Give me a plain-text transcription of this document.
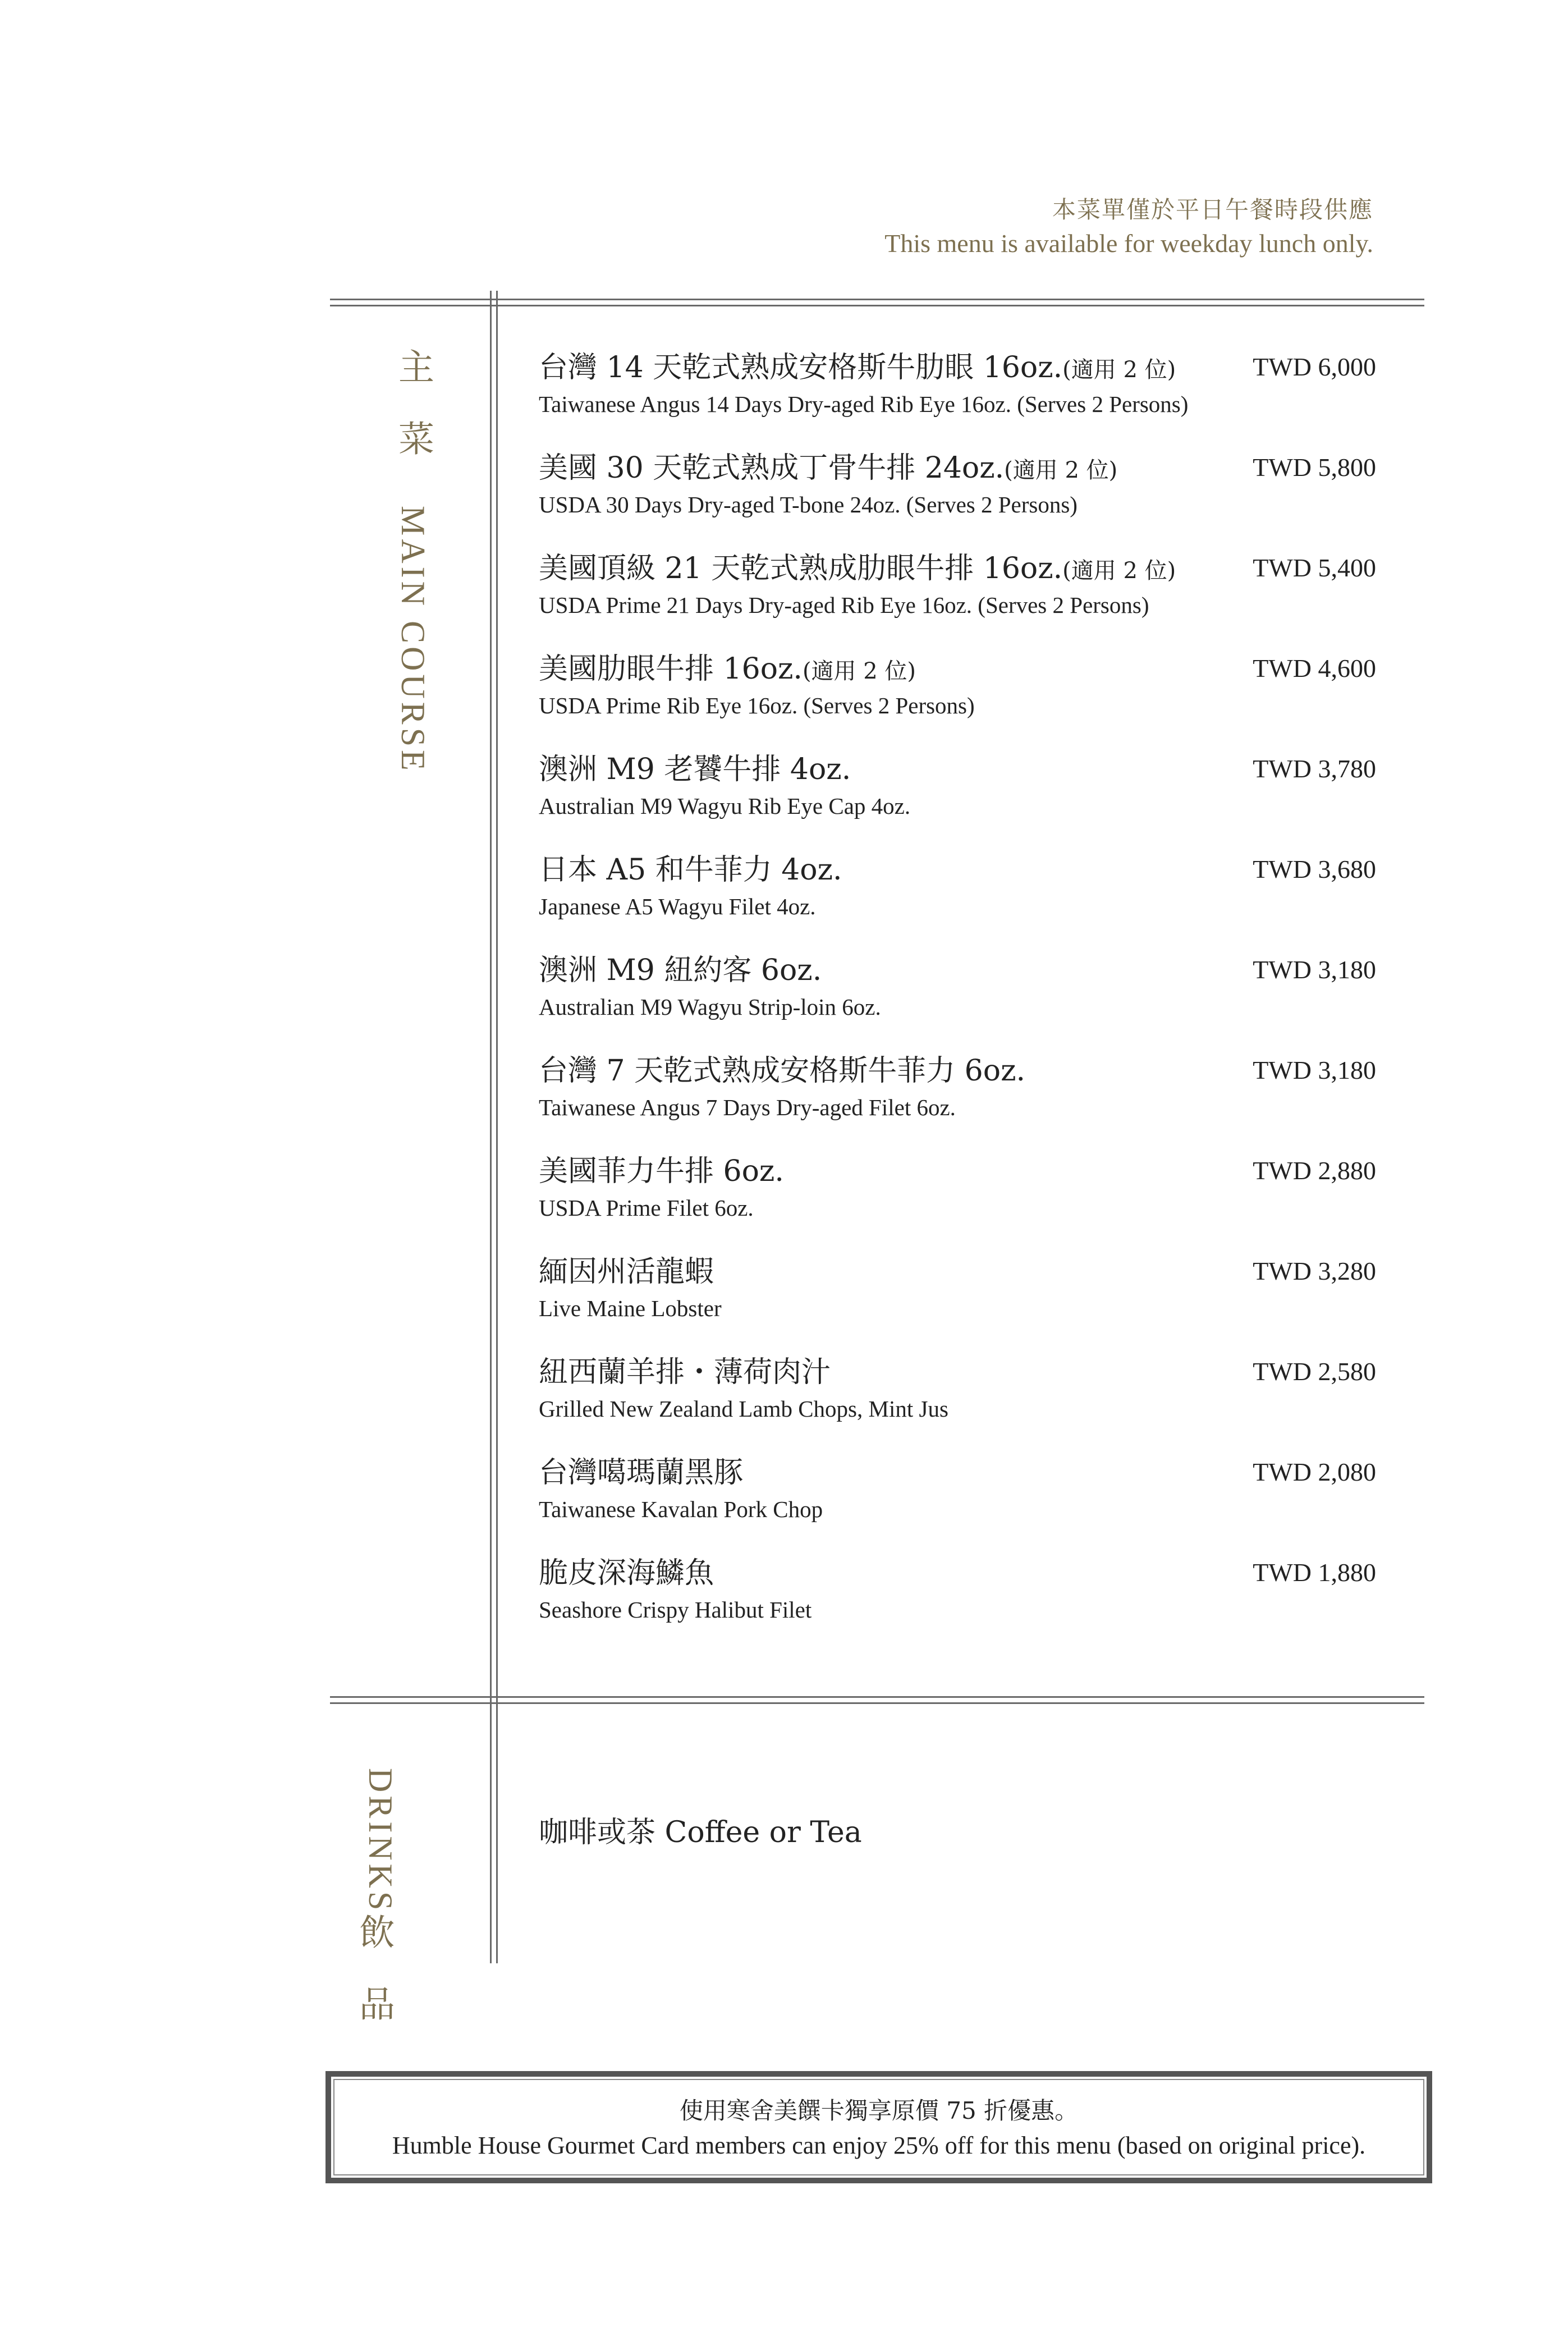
本菜單僅於平日午餐時段供應
This menu is available for weekday lunch only.
主 菜 MAIN COURSE
台灣 14 天乾式熟成安格斯牛肋眼 16oz.(適用 2 位)
Taiwanese Angus 14 Days Dry-aged Rib Eye 16oz. (Serves 2 Persons)
TWD 6,000
美國 30 天乾式熟成丁骨牛排 24oz.(適用 2 位)
USDA 30 Days Dry-aged T-bone 24oz. (Serves 2 Persons)
TWD 5,800
美國頂級 21 天乾式熟成肋眼牛排 16oz.(適用 2 位)
USDA Prime 21 Days Dry-aged Rib Eye 16oz. (Serves 2 Persons)
TWD 5,400
美國肋眼牛排 16oz.(適用 2 位)
USDA Prime Rib Eye 16oz. (Serves 2 Persons)
TWD 4,600
澳洲 M9 老饕牛排 4oz.
Australian M9 Wagyu Rib Eye Cap 4oz.
TWD 3,780
日本 A5 和牛菲力 4oz.
Japanese A5 Wagyu Filet 4oz.
TWD 3,680
澳洲 M9 紐約客 6oz.
Australian M9 Wagyu Strip-loin 6oz.
TWD 3,180
台灣 7 天乾式熟成安格斯牛菲力 6oz.
Taiwanese Angus 7 Days Dry-aged Filet 6oz.
TWD 3,180
美國菲力牛排 6oz.
USDA Prime Filet 6oz.
TWD 2,880
緬因州活龍蝦
Live Maine Lobster
TWD 3,280
紐西蘭羊排・薄荷肉汁
Grilled New Zealand Lamb Chops, Mint Jus
TWD 2,580
台灣噶瑪蘭黑豚
Taiwanese Kavalan Pork Chop
TWD 2,080
脆皮深海鱗魚
Seashore Crispy Halibut Filet
TWD 1,880
DRINKS
飲 品
咖啡或茶 Coffee or Tea
使用寒舍美饌卡獨享原價 75 折優惠。
Humble House Gourmet Card members can enjoy 25% off for this menu (based on original price).
